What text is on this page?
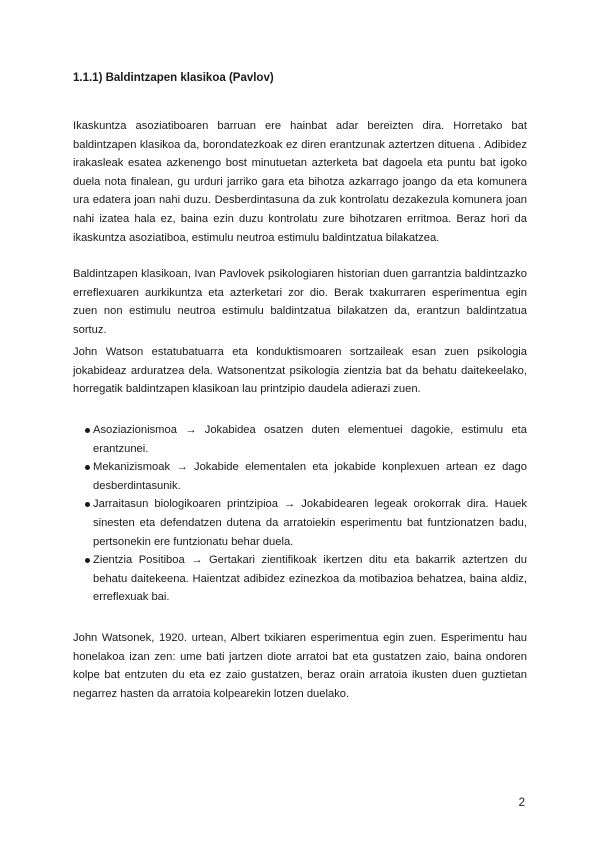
1.1.1) Baldintzapen klasikoa (Pavlov)

Ikaskuntza asoziatiboaren barruan ere hainbat adar bereizten dira. Horretako bat baldintzapen klasikoa da, borondatezkoak ez diren erantzunak aztertzen dituena . Adibidez irakasleak esatea azkenengo bost minutuetan azterketa bat dagoela eta puntu bat igoko duela nota finalean, gu urduri jarriko gara eta bihotza azkarrago joango da eta komunera ura edatera joan nahi duzu. Desberdintasuna da zuk kontrolatu dezakezula komunera joan nahi izatea hala ez, baina ezin duzu kontrolatu zure bihotzaren erritmoa. Beraz hori da ikaskuntza asoziatiboa, estimulu neutroa estimulu baldintzatua bilakatzea.

Baldintzapen klasikoan, Ivan Pavlovek psikologiaren historian duen garrantzia baldintzazko erreflexuaren aurkikuntza eta azterketari zor dio. Berak txakurraren esperimentua egin zuen non estimulu neutroa estimulu baldintzatua bilakatzen da, erantzun baldintzatua sortuz.

John Watson estatubatuarra eta konduktismoaren sortzaileak esan zuen psikologia jokabideaz arduratzea dela. Watsonentzat psikologia zientzia bat da behatu daitekeelako, horregatik baldintzapen klasikoan lau printzipio daudela adierazi zuen.

Asoziazionismoa → Jokabidea osatzen duten elementuei dagokie, estimulu eta erantzunei.
Mekanizismoak → Jokabide elementalen eta jokabide konplexuen artean ez dago desberdintasunik.
Jarraitasun biologikoaren printzipioa → Jokabidearen legeak orokorrak dira. Hauek sinesten eta defendatzen dutena da arratoiekin esperimentu bat funtzionatzen badu, pertsonekin ere funtzionatu behar duela.
Zientzia Positiboa → Gertakari zientifikoak ikertzen ditu eta bakarrik aztertzen du behatu daitekeena. Haientzat adibidez ezinezkoa da motibazioa behatzea, baina aldiz, erreflexuak bai.

John Watsonek, 1920. urtean, Albert txikiaren esperimentua egin zuen. Esperimentu hau honelakoa izan zen: ume bati jartzen diote arratoi bat eta gustatzen zaio, baina ondoren kolpe bat entzuten du eta ez zaio gustatzen, beraz orain arratoia ikusten duen guztietan negarrez hasten da arratoia kolpearekin lotzen duelako.

2
